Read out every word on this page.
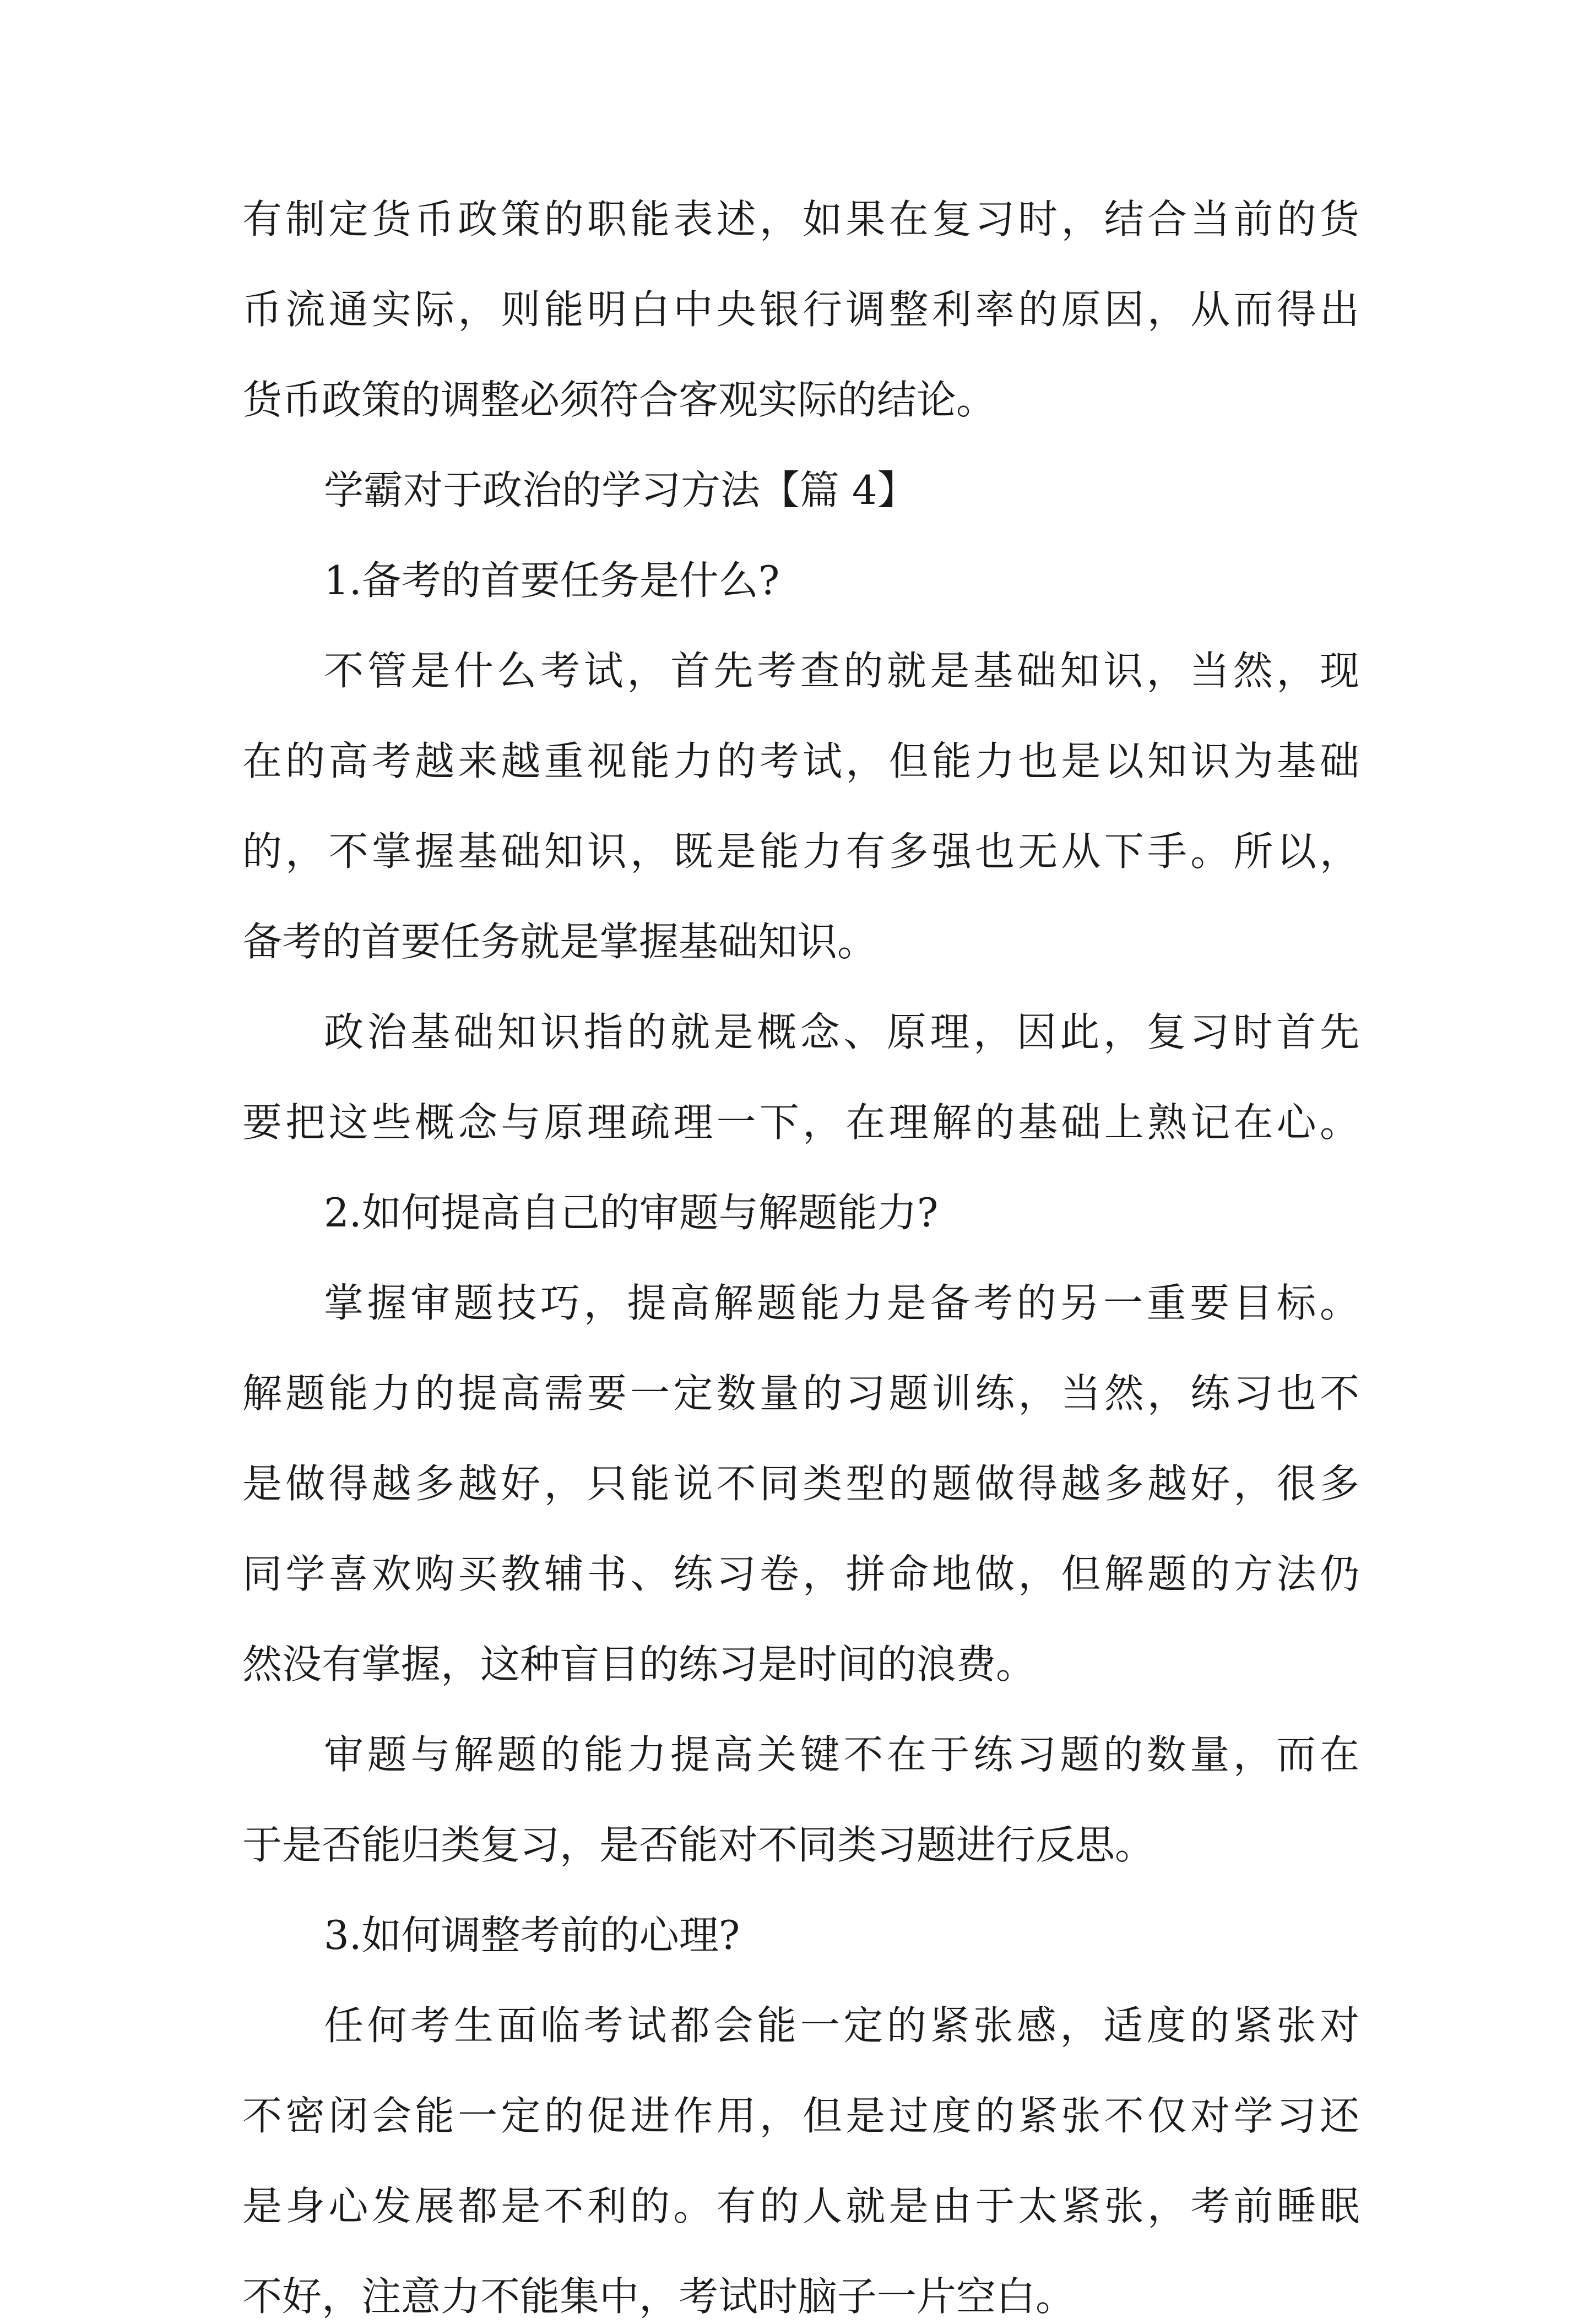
有制定货币政策的职能表述，如果在复习时，结合当前的货
币流通实际，则能明白中央银行调整利率的原因，从而得出
货币政策的调整必须符合客观实际的结论。
学霸对于政治的学习方法【篇 4】
1.备考的首要任务是什么?
不管是什么考试，首先考查的就是基础知识，当然，现
在的高考越来越重视能力的考试，但能力也是以知识为基础
的，不掌握基础知识，既是能力有多强也无从下手。所以，
备考的首要任务就是掌握基础知识。
政治基础知识指的就是概念、原理，因此，复习时首先
要把这些概念与原理疏理一下，在理解的基础上熟记在心。
2.如何提高自己的审题与解题能力?
掌握审题技巧，提高解题能力是备考的另一重要目标。
解题能力的提高需要一定数量的习题训练，当然，练习也不
是做得越多越好，只能说不同类型的题做得越多越好，很多
同学喜欢购买教辅书、练习卷，拼命地做，但解题的方法仍
然没有掌握，这种盲目的练习是时间的浪费。
审题与解题的能力提高关键不在于练习题的数量，而在
于是否能归类复习，是否能对不同类习题进行反思。
3.如何调整考前的心理?
任何考生面临考试都会能一定的紧张感，适度的紧张对
不密闭会能一定的促进作用，但是过度的紧张不仅对学习还
是身心发展都是不利的。有的人就是由于太紧张，考前睡眠
不好，注意力不能集中，考试时脑子一片空白。
